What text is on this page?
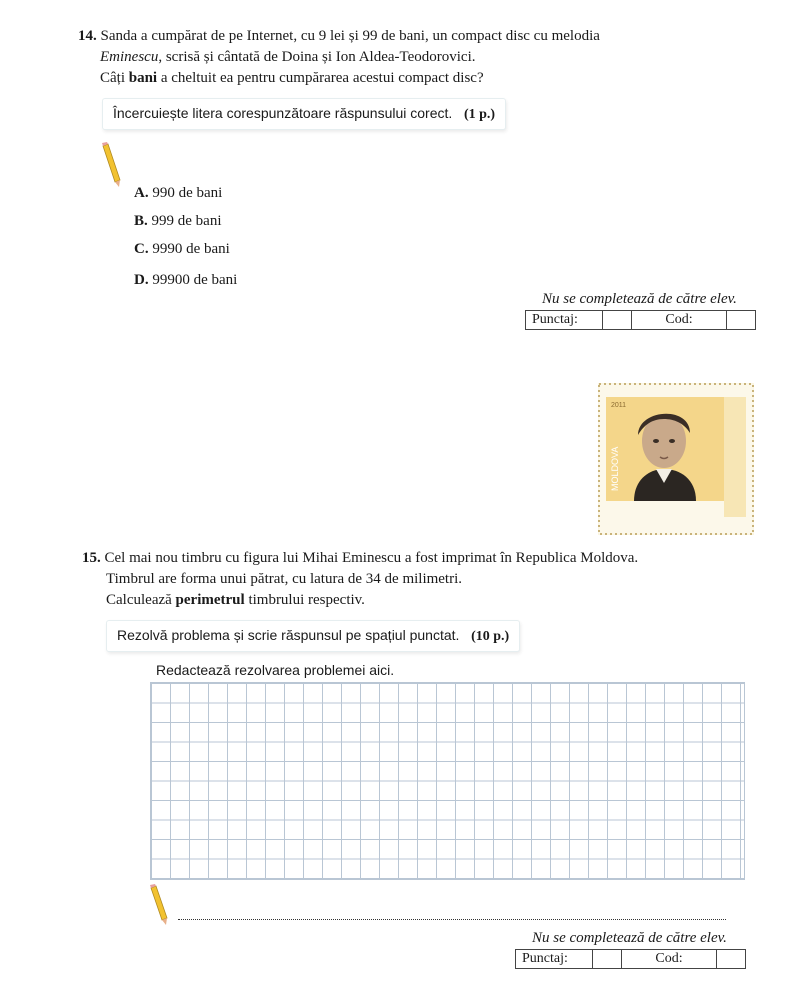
14. Sanda a cumpărat de pe Internet, cu 9 lei și 99 de bani, un compact disc cu melodia
Eminescu, scrisă și cântată de Doina și Ion Aldea-Teodorovici.
Câți bani a cheltuit ea pentru cumpărarea acestui compact disc?
Încercuiește litera corespunzătoare răspunsului corect. (1 p.)
A. 990 de bani
B. 999 de bani
C. 9990 de bani
D. 99900 de bani
Nu se completează de către elev.
Punctaj:		Cod:	
2011
MOLDOVA
15. Cel mai nou timbru cu figura lui Mihai Eminescu a fost imprimat în Republica Moldova.
Timbrul are forma unui pătrat, cu latura de 34 de milimetri.
Calculează perimetrul timbrului respectiv.
Rezolvă problema și scrie răspunsul pe spațiul punctat. (10 p.)
Redactează rezolvarea problemei aici.
Nu se completează de către elev.
Punctaj:		Cod:	
